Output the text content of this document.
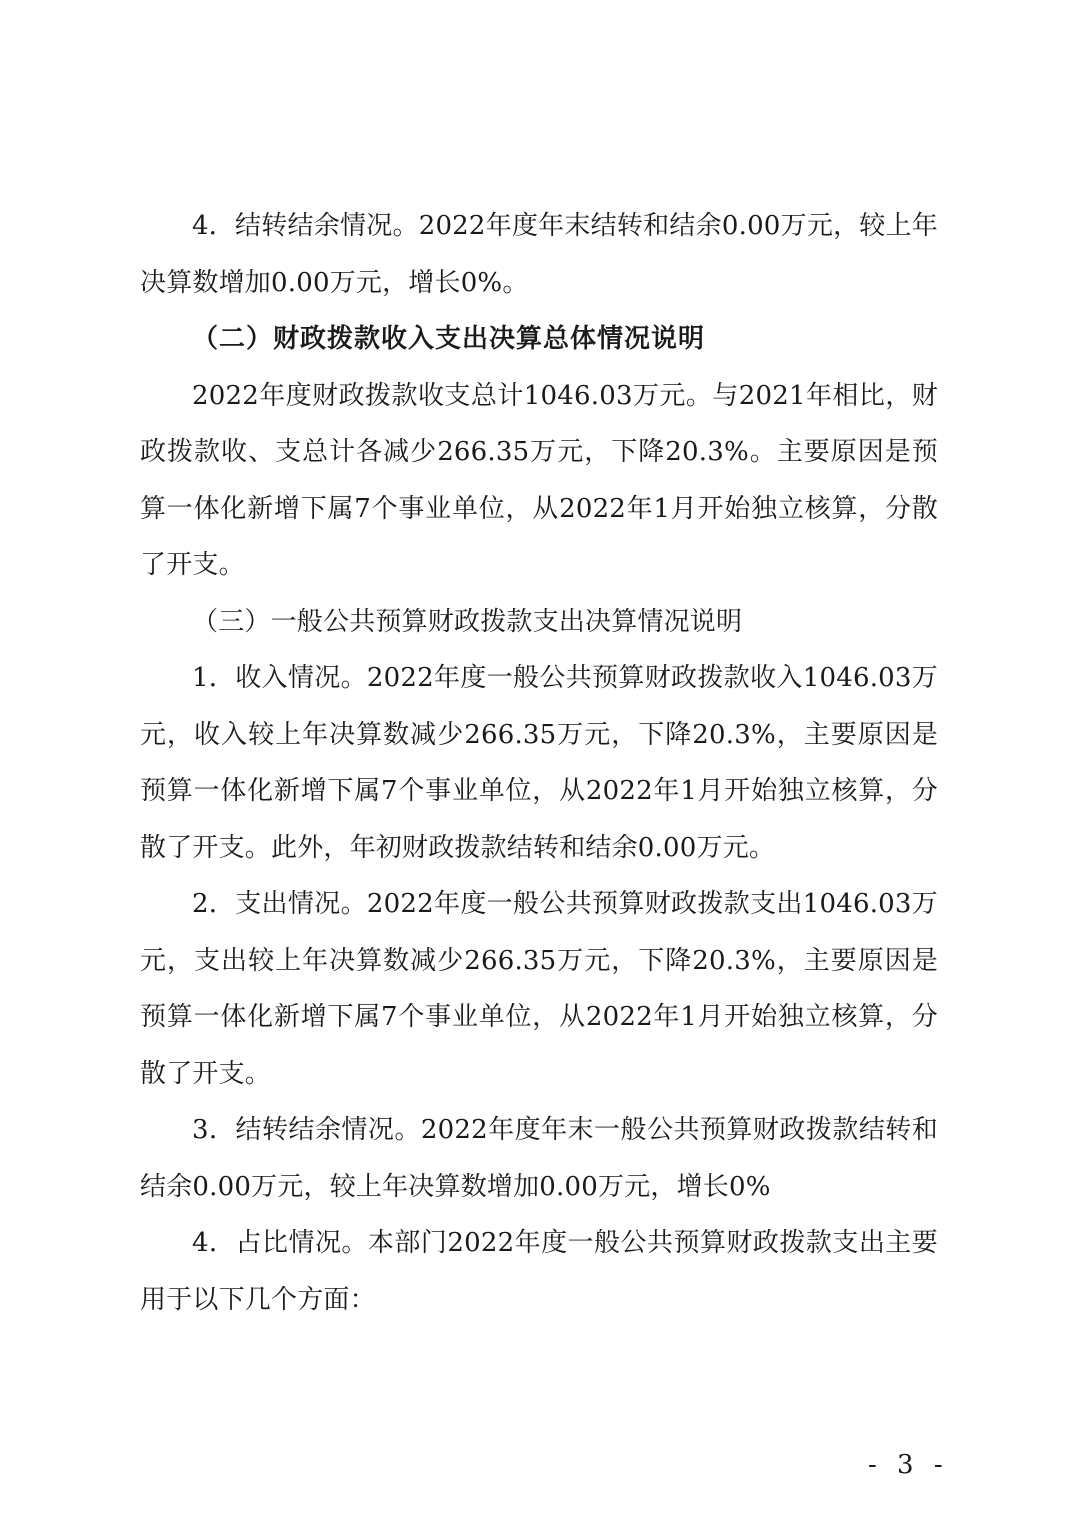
4．结转结余情况。2022年度年末结转和结余0.00万元，较上年决算数增加0.00万元，增长0%。

（二）财政拨款收入支出决算总体情况说明

2022年度财政拨款收支总计1046.03万元。与2021年相比，财政拨款收、支总计各减少266.35万元，下降20.3%。主要原因是预算一体化新增下属7个事业单位，从2022年1月开始独立核算，分散了开支。

（三）一般公共预算财政拨款支出决算情况说明

1．收入情况。2022年度一般公共预算财政拨款收入1046.03万元，收入较上年决算数减少266.35万元，下降20.3%，主要原因是预算一体化新增下属7个事业单位，从2022年1月开始独立核算，分散了开支。此外，年初财政拨款结转和结余0.00万元。

2．支出情况。2022年度一般公共预算财政拨款支出1046.03万元，支出较上年决算数减少266.35万元，下降20.3%，主要原因是预算一体化新增下属7个事业单位，从2022年1月开始独立核算，分散了开支。

3．结转结余情况。2022年度年末一般公共预算财政拨款结转和结余0.00万元，较上年决算数增加0.00万元，增长0%

4．占比情况。本部门2022年度一般公共预算财政拨款支出主要用于以下几个方面：

- 3 -
